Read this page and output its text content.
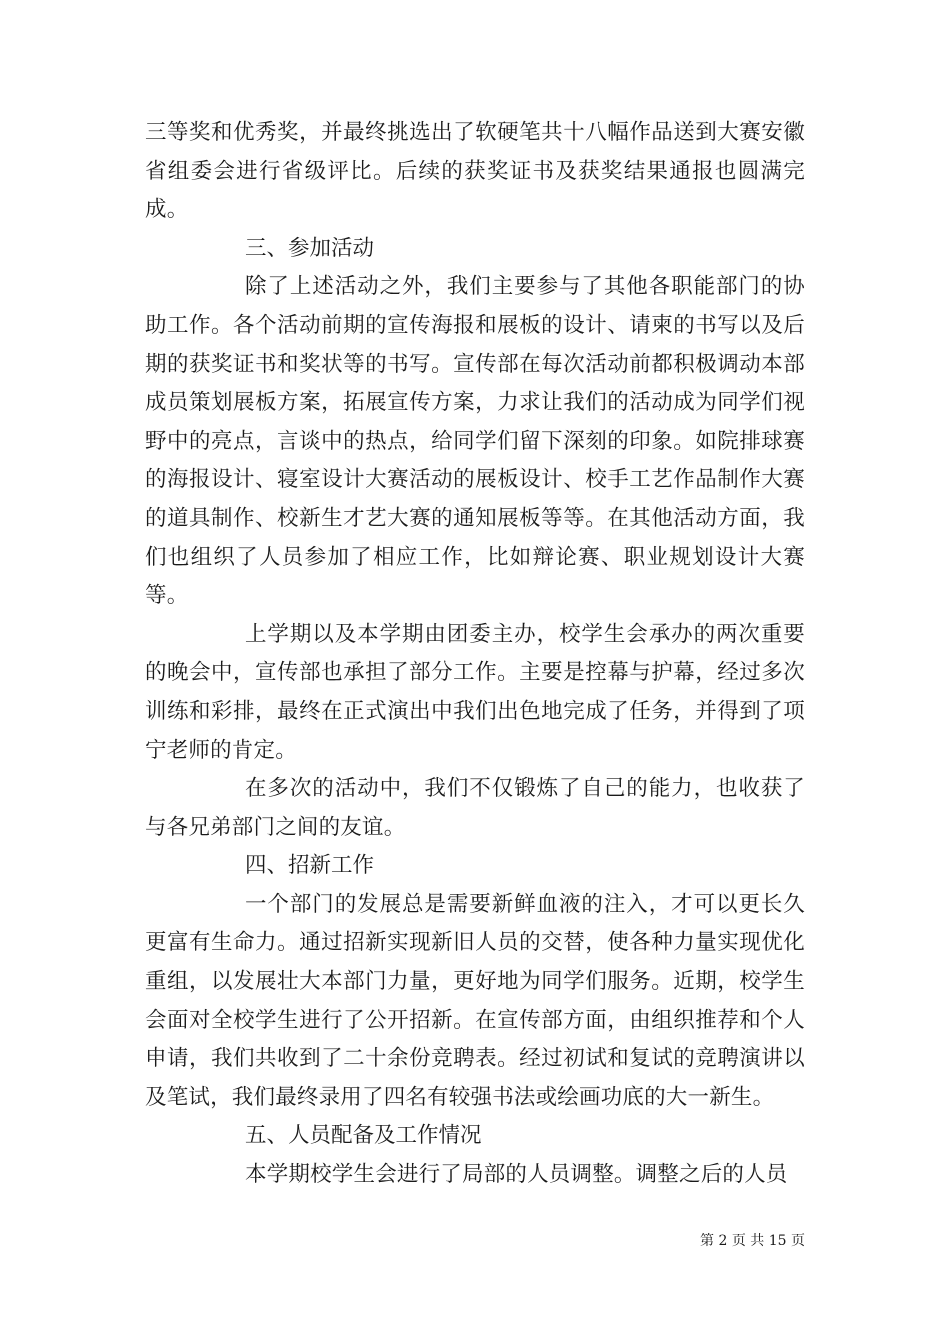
三等奖和优秀奖，并最终挑选出了软硬笔共十八幅作品送到大赛安徽省组委会进行省级评比。后续的获奖证书及获奖结果通报也圆满完成。

三、参加活动

除了上述活动之外，我们主要参与了其他各职能部门的协助工作。各个活动前期的宣传海报和展板的设计、请柬的书写以及后期的获奖证书和奖状等的书写。宣传部在每次活动前都积极调动本部成员策划展板方案，拓展宣传方案，力求让我们的活动成为同学们视野中的亮点，言谈中的热点，给同学们留下深刻的印象。如院排球赛的海报设计、寝室设计大赛活动的展板设计、校手工艺作品制作大赛的道具制作、校新生才艺大赛的通知展板等等。在其他活动方面，我们也组织了人员参加了相应工作，比如辩论赛、职业规划设计大赛等。

上学期以及本学期由团委主办，校学生会承办的两次重要的晚会中，宣传部也承担了部分工作。主要是控幕与护幕，经过多次训练和彩排，最终在正式演出中我们出色地完成了任务，并得到了项宁老师的肯定。

在多次的活动中，我们不仅锻炼了自己的能力，也收获了与各兄弟部门之间的友谊。

四、招新工作

一个部门的发展总是需要新鲜血液的注入，才可以更长久更富有生命力。通过招新实现新旧人员的交替，使各种力量实现优化重组，以发展壮大本部门力量，更好地为同学们服务。近期，校学生会面对全校学生进行了公开招新。在宣传部方面，由组织推荐和个人申请，我们共收到了二十余份竞聘表。经过初试和复试的竞聘演讲以及笔试，我们最终录用了四名有较强书法或绘画功底的大一新生。

五、人员配备及工作情况

本学期校学生会进行了局部的人员调整。调整之后的人员

第 2 页 共 15 页
